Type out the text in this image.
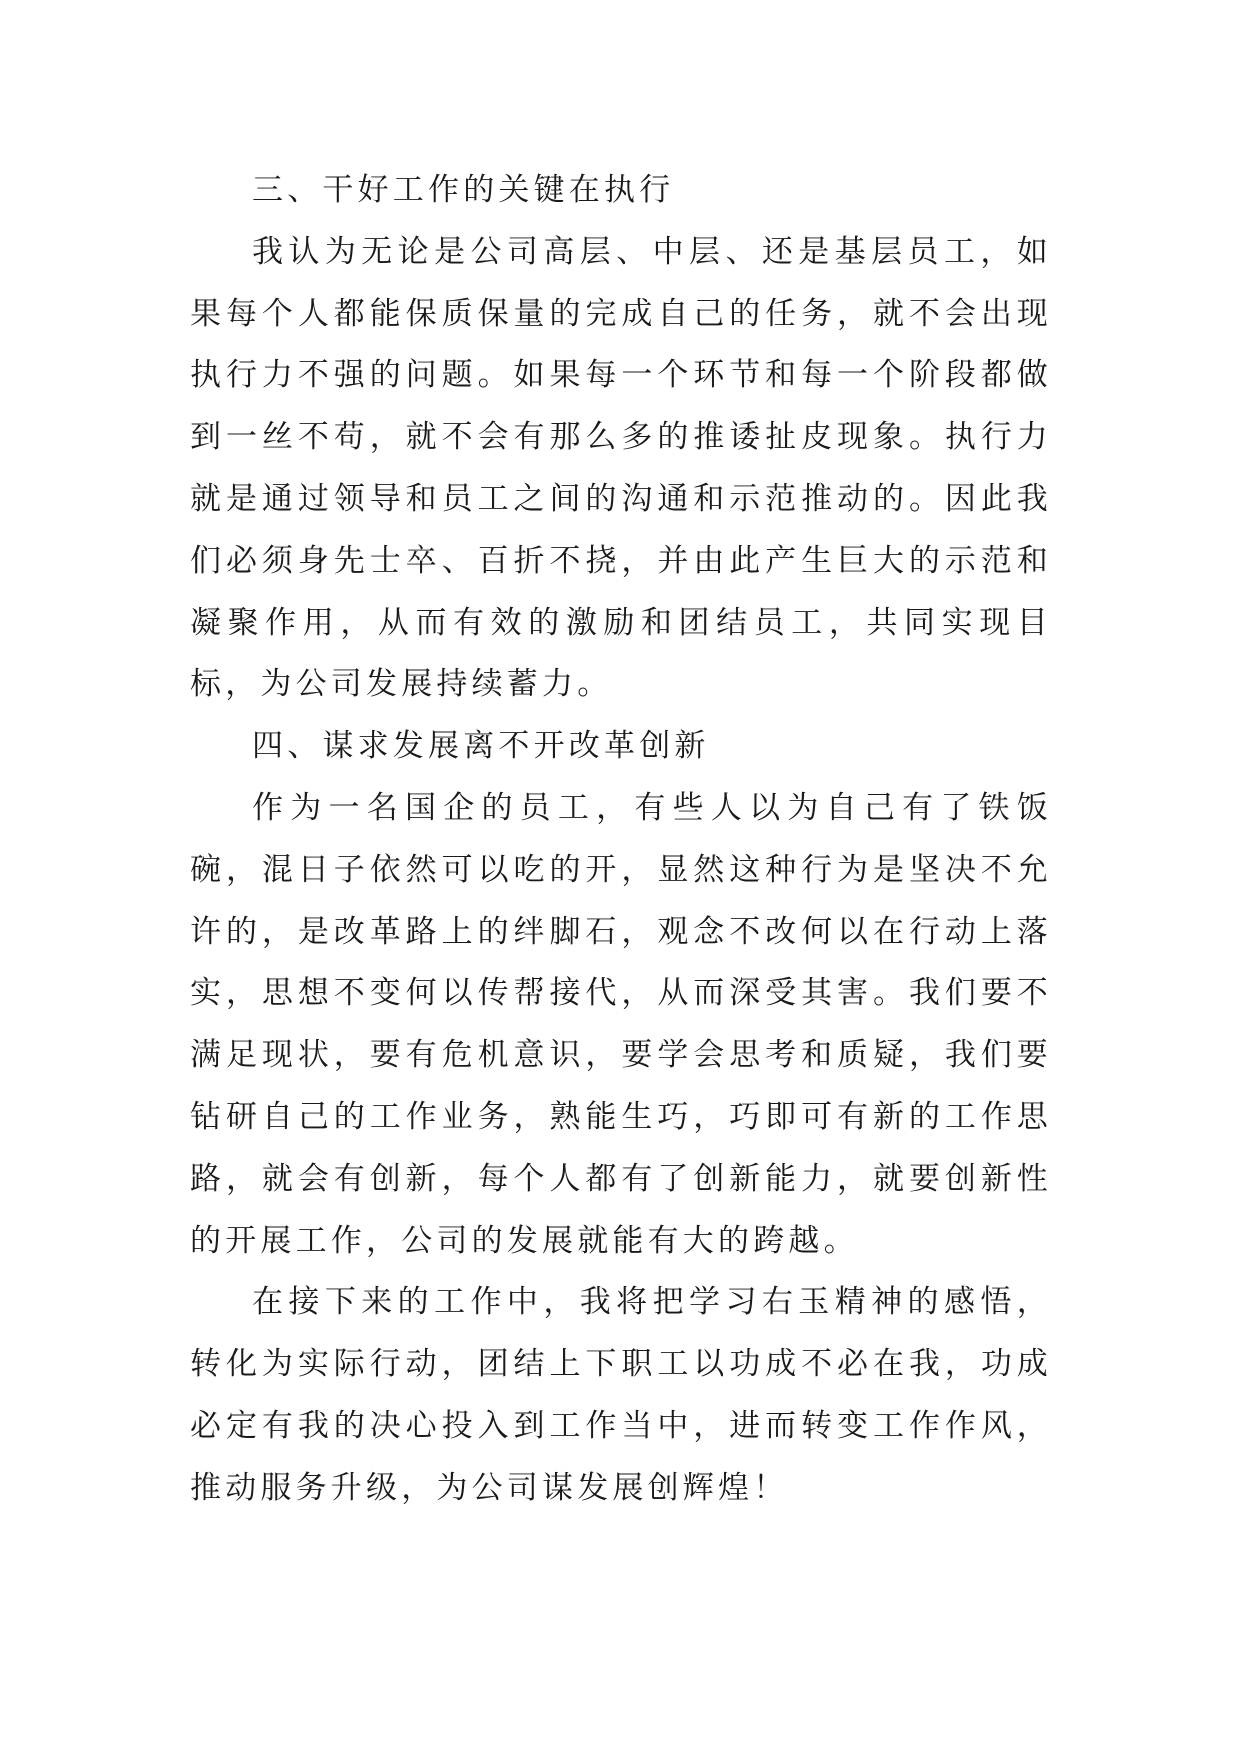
三、干好工作的关键在执行

我认为无论是公司高层、中层、还是基层员工，如果每个人都能保质保量的完成自己的任务，就不会出现执行力不强的问题。如果每一个环节和每一个阶段都做到一丝不苟，就不会有那么多的推诿扯皮现象。执行力就是通过领导和员工之间的沟通和示范推动的。因此我们必须身先士卒、百折不挠，并由此产生巨大的示范和凝聚作用，从而有效的激励和团结员工，共同实现目标，为公司发展持续蓄力。

四、谋求发展离不开改革创新

作为一名国企的员工，有些人以为自己有了铁饭碗，混日子依然可以吃的开，显然这种行为是坚决不允许的，是改革路上的绊脚石，观念不改何以在行动上落实，思想不变何以传帮接代，从而深受其害。我们要不满足现状，要有危机意识，要学会思考和质疑，我们要钻研自己的工作业务，熟能生巧，巧即可有新的工作思路，就会有创新，每个人都有了创新能力，就要创新性的开展工作，公司的发展就能有大的跨越。

在接下来的工作中，我将把学习右玉精神的感悟，转化为实际行动，团结上下职工以功成不必在我，功成必定有我的决心投入到工作当中，进而转变工作作风，推动服务升级，为公司谋发展创辉煌！
